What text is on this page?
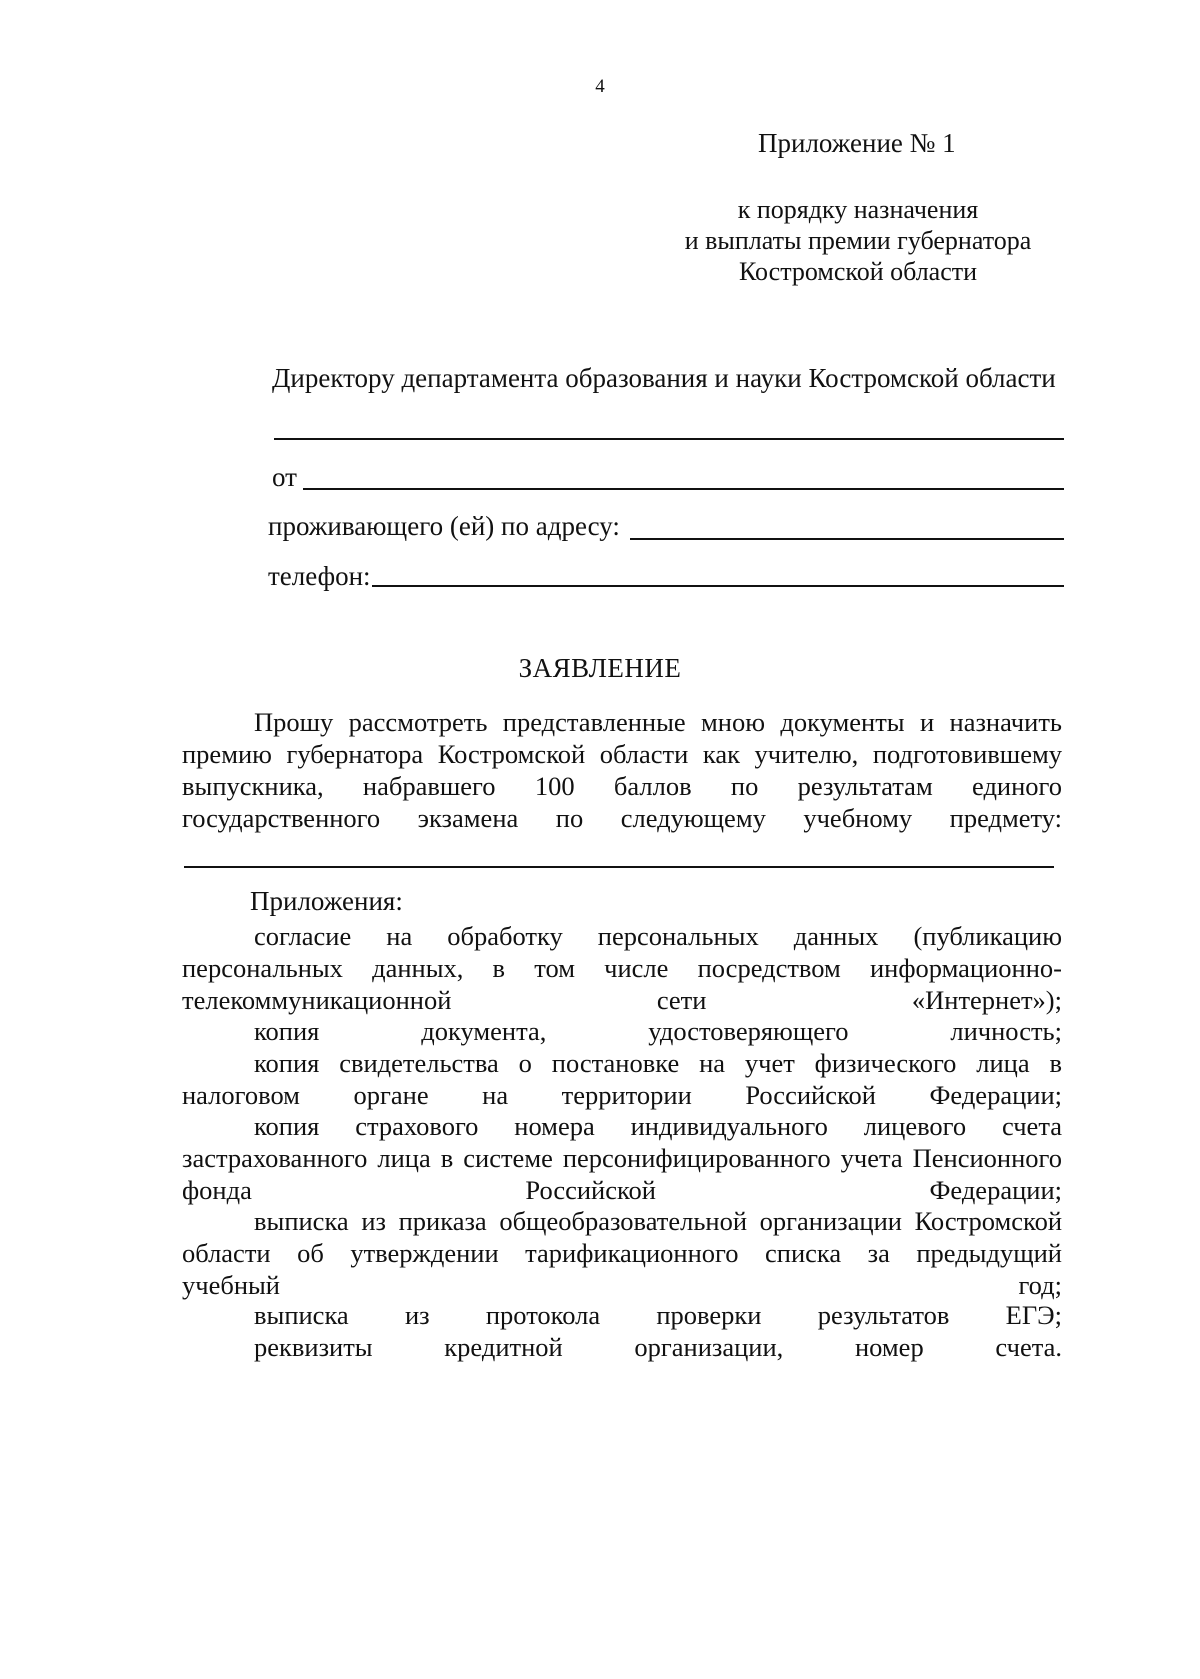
4
Приложение № 1
к порядку назначения
и выплаты премии губернатора
Костромской области
Директору департамента образования и науки Костромской области
от
проживающего (ей) по адресу:
телефон:
ЗАЯВЛЕНИЕ
Прошу рассмотреть представленные мною документы и назначить
премию губернатора Костромской области как учителю, подготовившему
выпускника, набравшего 100 баллов по результатам единого
государственного экзамена по следующему учебному предмету:
Приложения:
согласие на обработку персональных данных (публикацию
персональных данных, в том числе посредством информационно-
телекоммуникационной сети «Интернет»);
копия документа, удостоверяющего личность;
копия свидетельства о постановке на учет физического лица в
налоговом органе на территории Российской Федерации;
копия страхового номера индивидуального лицевого счета
застрахованного лица в системе персонифицированного учета Пенсионного
фонда Российской Федерации;
выписка из приказа общеобразовательной организации Костромской
области об утверждении тарификационного списка за предыдущий
учебный год;
выписка из протокола проверки результатов ЕГЭ;
реквизиты кредитной организации, номер счета.
